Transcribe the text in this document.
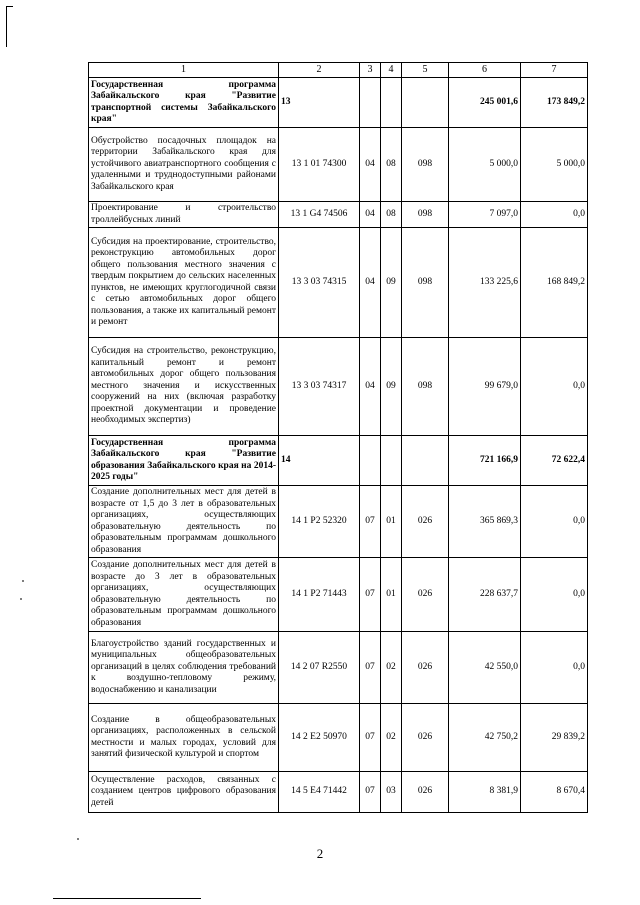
1	2	3	4	5	6	7
Государственная программа Забайкальского края "Развитие транспортной системы Забайкальского края"	13				245 001,6	173 849,2
Обустройство посадочных площадок на территории Забайкальского края для устойчивого авиатранспортного сообщения с удаленными и труднодоступными районами Забайкальского края	13 1 01 74300	04	08	098	5 000,0	5 000,0
Проектирование и строительство троллейбусных линий	13 1 G4 74506	04	08	098	7 097,0	0,0
Субсидия на проектирование, строительство, реконструкцию автомобильных дорог общего пользования местного значения с твердым покрытием до сельских населенных пунктов, не имеющих круглогодичной связи с сетью автомобильных дорог общего пользования, а также их капитальный ремонт и ремонт	13 3 03 74315	04	09	098	133 225,6	168 849,2
Субсидия на строительство, реконструкцию, капитальный ремонт и ремонт автомобильных дорог общего пользования местного значения и искусственных сооружений на них (включая разработку проектной документации и проведение необходимых экспертиз)	13 3 03 74317	04	09	098	99 679,0	0,0
Государственная программа Забайкальского края "Развитие образования Забайкальского края на 2014-2025 годы"	14				721 166,9	72 622,4
Создание дополнительных мест для детей в возрасте от 1,5 до 3 лет в образовательных организациях, осуществляющих образовательную деятельность по образовательным программам дошкольного образования	14 1 P2 52320	07	01	026	365 869,3	0,0
Создание дополнительных мест для детей в возрасте до 3 лет в образовательных организациях, осуществляющих образовательную деятельность по образовательным программам дошкольного образования	14 1 P2 71443	07	01	026	228 637,7	0,0
Благоустройство зданий государственных и муниципальных общеобразовательных организаций в целях соблюдения требований к воздушно-тепловому режиму, водоснабжению и канализации	14 2 07 R2550	07	02	026	42 550,0	0,0
Создание в общеобразовательных организациях, расположенных в сельской местности и малых городах, условий для занятий физической культурой и спортом	14 2 E2 50970	07	02	026	42 750,2	29 839,2
Осуществление расходов, связанных с созданием центров цифрового образования детей	14 5 E4 71442	07	03	026	8 381,9	8 670,4
2
